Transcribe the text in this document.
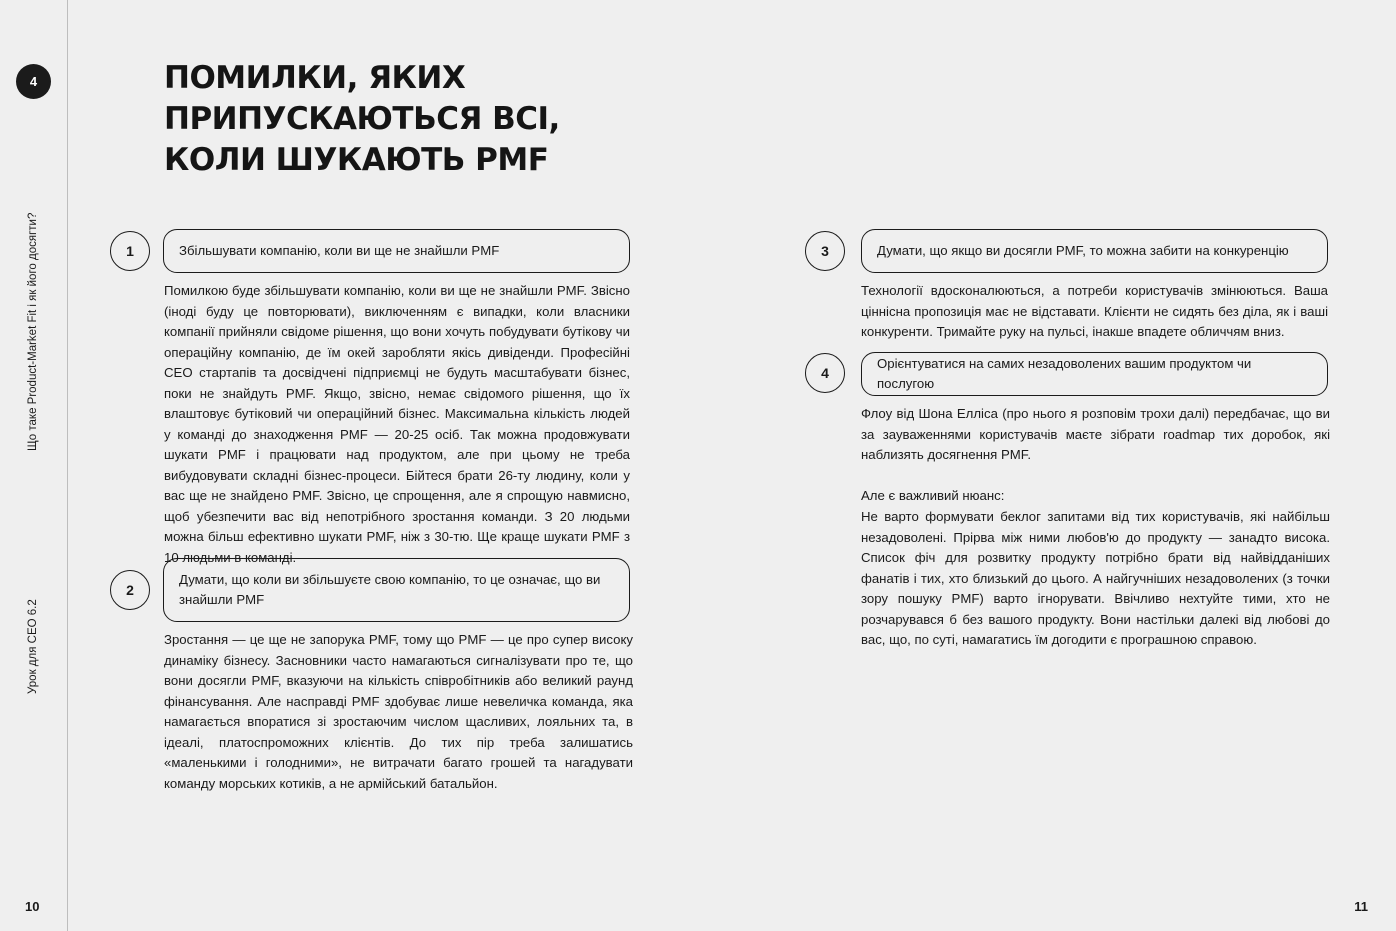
4
Що таке Product-Market Fit і як його досягти?
Урок для CEO 6.2
10	11
ПОМИЛКИ, ЯКИХ
ПРИПУСКАЮТЬСЯ ВСІ,
КОЛИ ШУКАЮТЬ PMF
1	Збільшувати компанію, коли ви ще не знайшли PMF

Помилкою буде збільшувати компанію, коли ви ще не знайшли PMF. Звісно (іноді буду це повторювати), виключенням є випадки, коли власники компанії прийняли свідоме рішення, що вони хочуть побудувати бутікову чи операційну компанію, де їм окей заробляти якісь дивіденди. Професійні CEO стартапів та досвідчені підприємці не будуть масштабувати бізнес, поки не знайдуть PMF. Якщо, звісно, немає свідомого рішення, що їх влаштовує бутіковий чи операційний бізнес. Максимальна кількість людей у команді до знаходження PMF — 20-25 осіб. Так можна продовжувати шукати PMF і працювати над продуктом, але при цьому не треба вибудовувати складні бізнес-процеси. Бійтеся брати 26-ту людину, коли у вас ще не знайдено PMF. Звісно, це спрощення, але я спрощую навмисно, щоб убезпечити вас від непотрібного зростання команди. З 20 людьми можна більш ефективно шукати PMF, ніж з 30-тю. Ще краще шукати PMF з 10 людьми в команді.

2
Думати, що коли ви збільшуєте свою компанію, то це означає, що ви знайшли PMF

Зростання — це ще не запорука PMF, тому що PMF — це про супер високу динаміку бізнесу. Засновники часто намагаються сигналізувати про те, що вони досягли PMF, вказуючи на кількість співробітників або великий раунд фінансування. Але насправді PMF здобуває лише невеличка команда, яка намагається впоратися зі зростаючим числом щасливих, лояльних та, в ідеалі, платоспроможних клієнтів. До тих пір треба залишатись «маленькими і голодними», не витрачати багато грошей та нагадувати команду морських котиків, а не армійський батальйон.

3	Думати, що якщо ви досягли PMF, то можна забити на конкуренцію

Технології вдосконалюються, а потреби користувачів змінюються. Ваша ціннісна пропозиція має не відставати. Клієнти не сидять без діла, як і ваші конкуренти. Тримайте руку на пульсі, інакше впадете обличчям вниз.

4
Орієнтуватися на самих незадоволених вашим продуктом чи послугою

Флоу від Шона Елліса (про нього я розповім трохи далі) передбачає, що ви за зауваженнями користувачів маєте зібрати roadmap тих доробок, які наблизять досягнення PMF.

Але є важливий нюанс:

Не варто формувати беклог запитами від тих користувачів, які найбільш незадоволені. Прірва між ними любов'ю до продукту — занадто висока. Список фіч для розвитку продукту потрібно брати від найвідданіших фанатів і тих, хто близький до цього. А найгучніших незадоволених (з точки зору пошуку PMF) варто ігнорувати. Ввічливо нехтуйте тими, хто не розчарувався б без вашого продукту. Вони настільки далекі від любові до вас, що, по суті, намагатись їм догодити є програшною справою.
